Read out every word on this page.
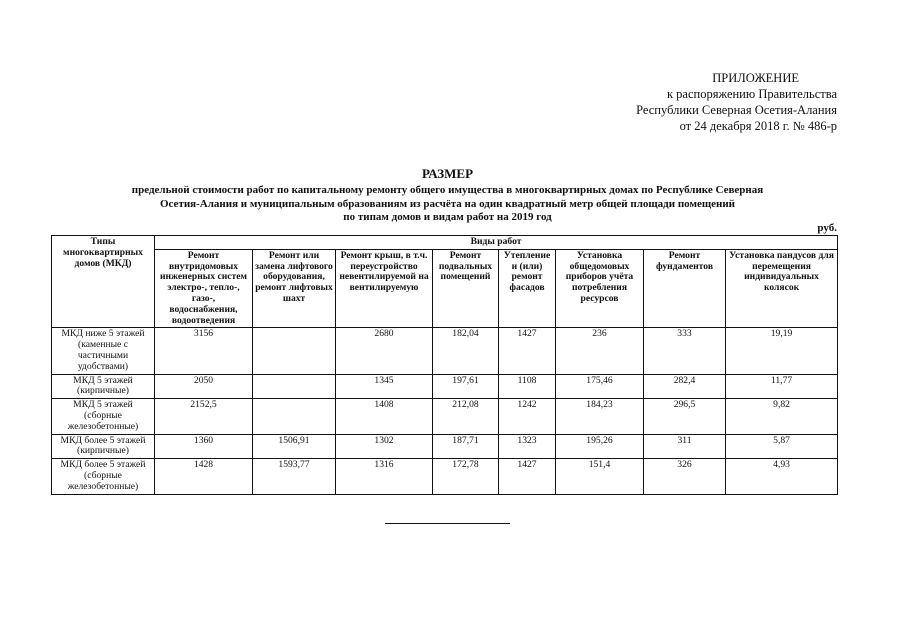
ПРИЛОЖЕНИЕ
к распоряжению Правительства
Республики Северная Осетия-Алания
от 24 декабря 2018 г. № 486-р
РАЗМЕР
предельной стоимости работ по капитальному ремонту общего имущества в многоквартирных домах по Республике Северная
Осетия-Алания и муниципальным образованиям из расчёта на один квадратный метр общей площади помещений
по типам домов и видам работ на 2019 год
руб.
Типы многоквартирных домов (МКД)	Виды работ							
	Ремонт внутридомовых инженерных систем электро-, тепло-, газо-, водоснабжения, водоотведения	Ремонт или замена лифтового оборудования, ремонт лифтовых шахт	Ремонт крыш, в т.ч. переустройство невентилируемой на вентилируемую	Ремонт подвальных помещений	Утепление и (или) ремонт фасадов	Установка общедомовых приборов учёта потребления ресурсов	Ремонт фундаментов	Установка пандусов для перемещения индивидуальных колясок
МКД ниже 5 этажей (каменные с частичными удобствами)	3156		2680	182,04	1427	236	333	19,19
МКД 5 этажей (кирпичные)	2050		1345	197,61	1108	175,46	282,4	11,77
МКД 5 этажей (сборные железобетонные)	2152,5		1408	212,08	1242	184,23	296,5	9,82
МКД более 5 этажей (кирпичные)	1360	1506,91	1302	187,71	1323	195,26	311	5,87
МКД более 5 этажей (сборные железобетонные)	1428	1593,77	1316	172,78	1427	151,4	326	4,93
